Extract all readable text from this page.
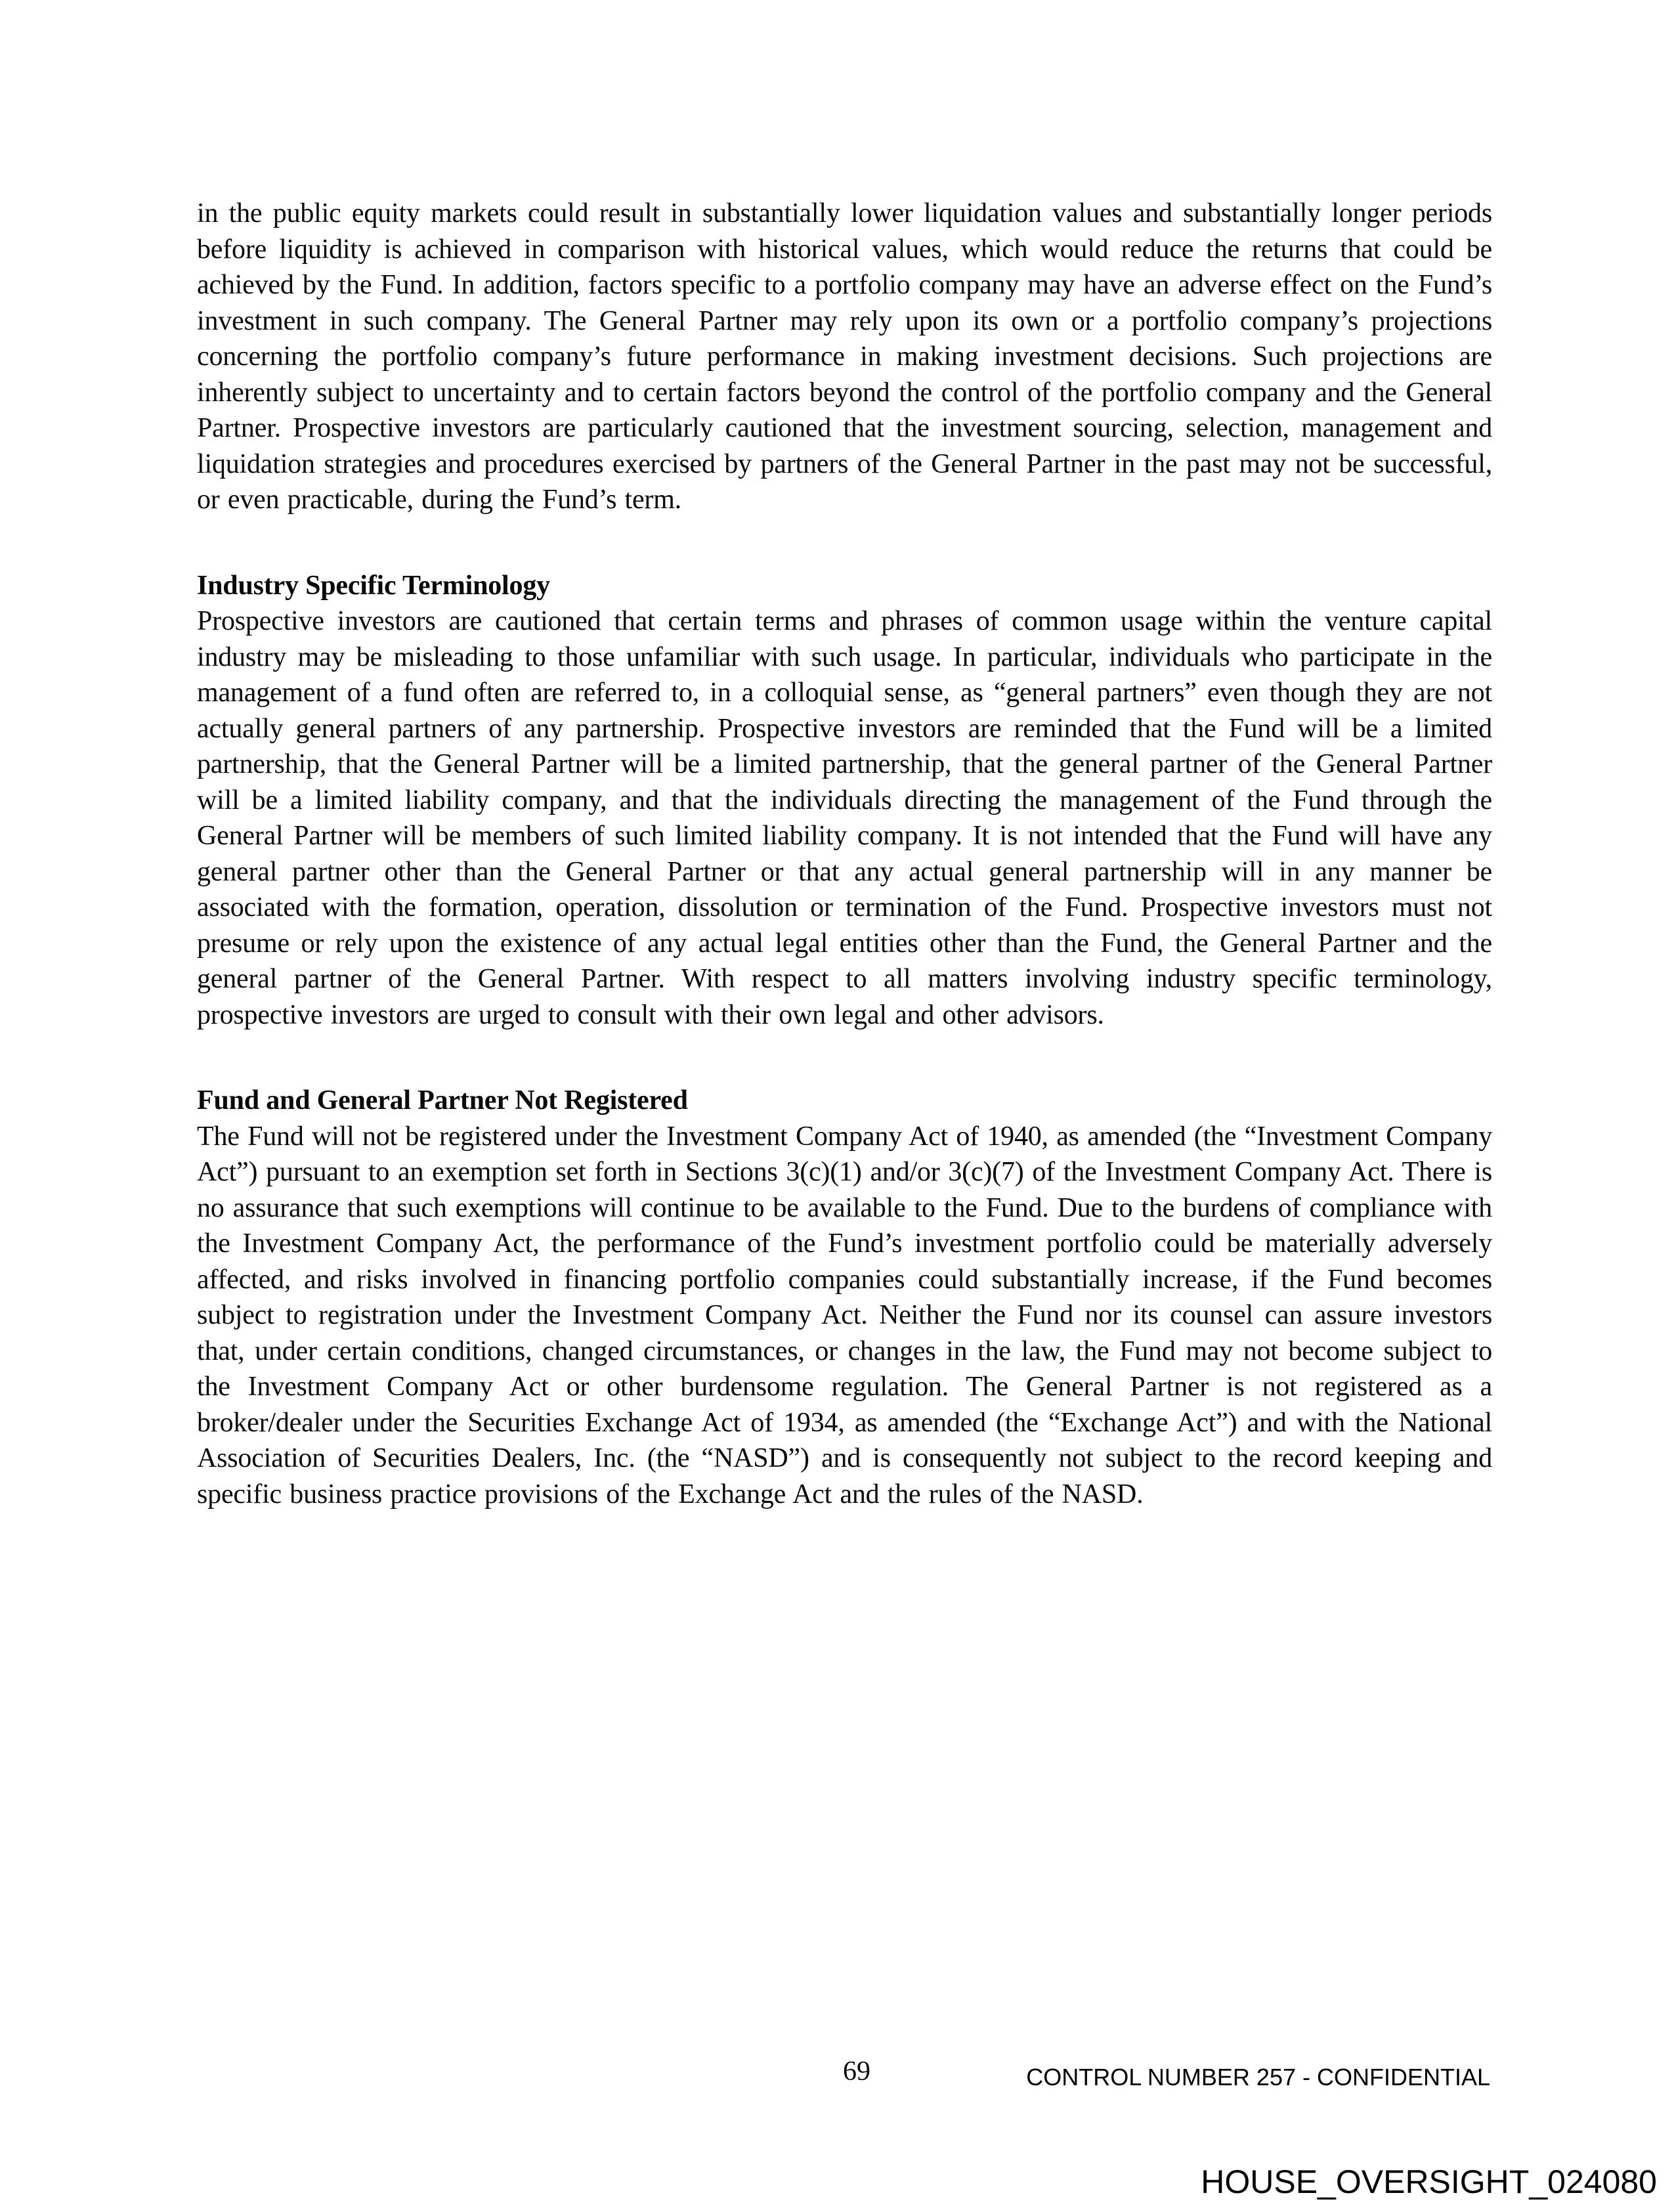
in the public equity markets could result in substantially lower liquidation values and substantially longer periods before liquidity is achieved in comparison with historical values, which would reduce the returns that could be achieved by the Fund. In addition, factors specific to a portfolio company may have an adverse effect on the Fund’s investment in such company. The General Partner may rely upon its own or a portfolio company’s projections concerning the portfolio company’s future performance in making investment decisions. Such projections are inherently subject to uncertainty and to certain factors beyond the control of the portfolio company and the General Partner. Prospective investors are particularly cautioned that the investment sourcing, selection, management and liquidation strategies and procedures exercised by partners of the General Partner in the past may not be successful, or even practicable, during the Fund’s term.

Industry Specific Terminology

Prospective investors are cautioned that certain terms and phrases of common usage within the venture capital industry may be misleading to those unfamiliar with such usage. In particular, individuals who participate in the management of a fund often are referred to, in a colloquial sense, as “general partners” even though they are not actually general partners of any partnership. Prospective investors are reminded that the Fund will be a limited partnership, that the General Partner will be a limited partnership, that the general partner of the General Partner will be a limited liability company, and that the individuals directing the management of the Fund through the General Partner will be members of such limited liability company. It is not intended that the Fund will have any general partner other than the General Partner or that any actual general partnership will in any manner be associated with the formation, operation, dissolution or termination of the Fund. Prospective investors must not presume or rely upon the existence of any actual legal entities other than the Fund, the General Partner and the general partner of the General Partner. With respect to all matters involving industry specific terminology, prospective investors are urged to consult with their own legal and other advisors.

Fund and General Partner Not Registered

The Fund will not be registered under the Investment Company Act of 1940, as amended (the “Investment Company Act”) pursuant to an exemption set forth in Sections 3(c)(1) and/or 3(c)(7) of the Investment Company Act. There is no assurance that such exemptions will continue to be available to the Fund. Due to the burdens of compliance with the Investment Company Act, the performance of the Fund’s investment portfolio could be materially adversely affected, and risks involved in financing portfolio companies could substantially increase, if the Fund becomes subject to registration under the Investment Company Act. Neither the Fund nor its counsel can assure investors that, under certain conditions, changed circumstances, or changes in the law, the Fund may not become subject to the Investment Company Act or other burdensome regulation. The General Partner is not registered as a broker/dealer under the Securities Exchange Act of 1934, as amended (the “Exchange Act”) and with the National Association of Securities Dealers, Inc. (the “NASD”) and is consequently not subject to the record keeping and specific business practice provisions of the Exchange Act and the rules of the NASD.

69	CONTROL NUMBER 257 - CONFIDENTIAL
HOUSE_OVERSIGHT_024080
